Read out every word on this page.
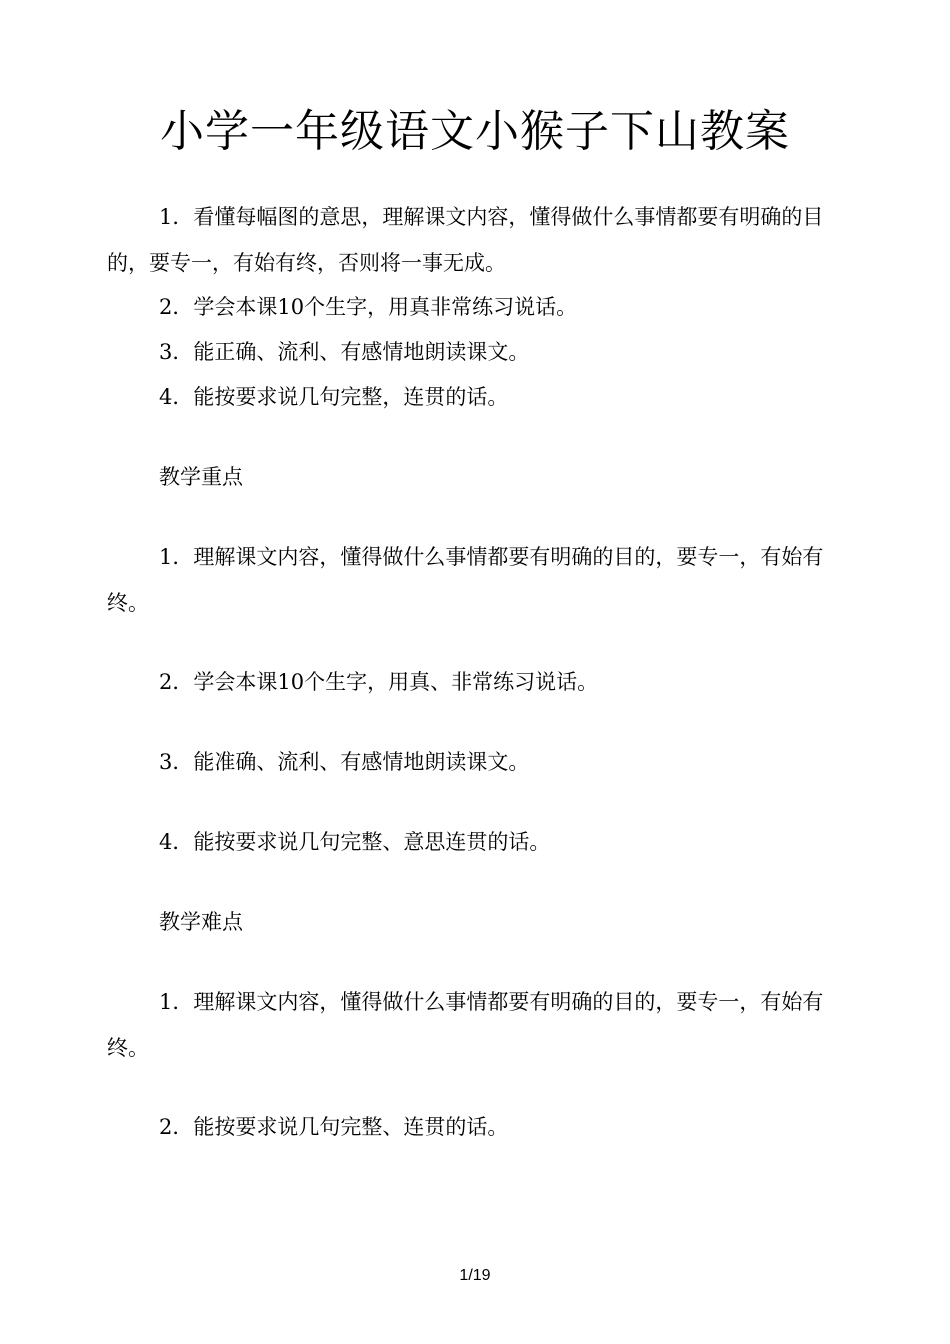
小学一年级语文小猴子下山教案
1．看懂每幅图的意思，理解课文内容，懂得做什么事情都要有明确的目的，要专一，有始有终，否则将一事无成。
2．学会本课10个生字，用真非常练习说话。
3．能正确、流利、有感情地朗读课文。
4．能按要求说几句完整，连贯的话。
教学重点
1．理解课文内容，懂得做什么事情都要有明确的目的，要专一，有始有终。
2．学会本课10个生字，用真、非常练习说话。
3．能准确、流利、有感情地朗读课文。
4．能按要求说几句完整、意思连贯的话。
教学难点
1．理解课文内容，懂得做什么事情都要有明确的目的，要专一，有始有终。
2．能按要求说几句完整、连贯的话。
1/19
